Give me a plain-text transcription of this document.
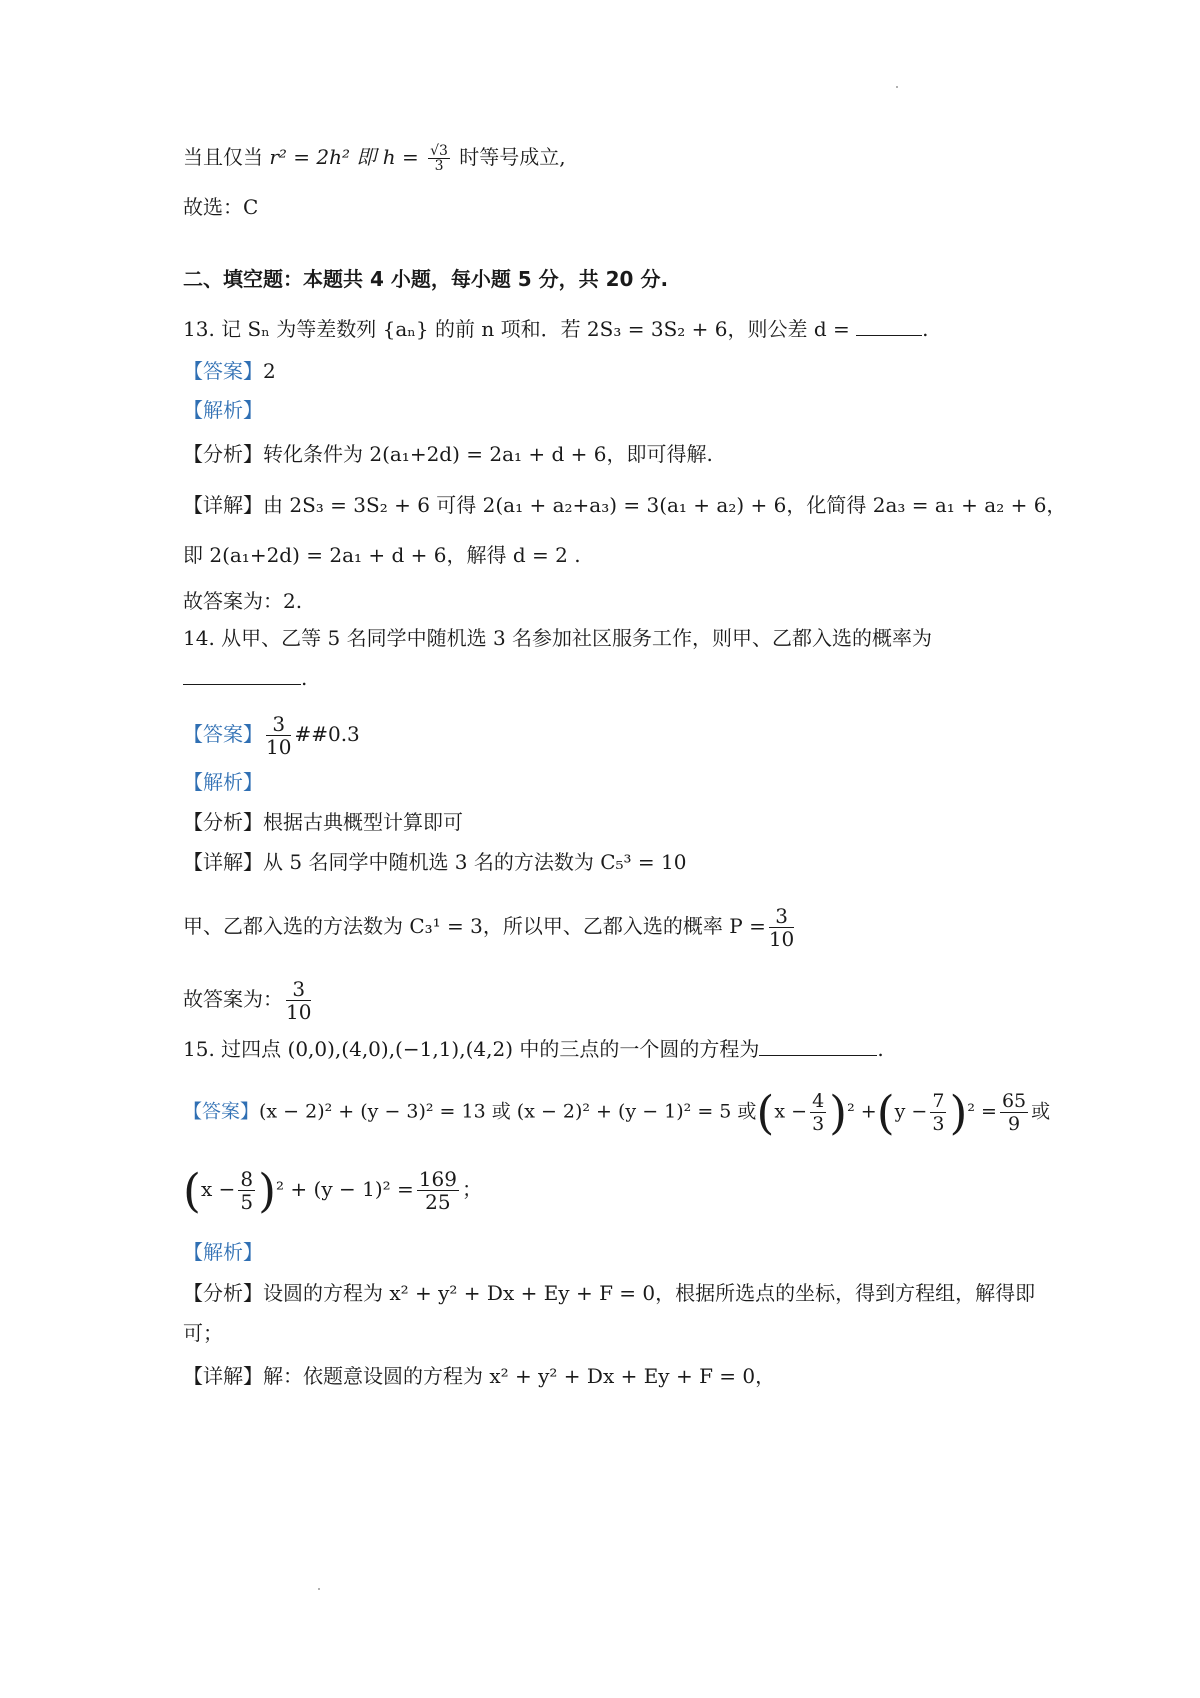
当且仅当 r² = 2h² 即 $h = \frac{√3}{3}$ 时等号成立,
故选：C
二、填空题：本题共 4 小题，每小题 5 分，共 20 分.
13. 记 Sₙ 为等差数列 {aₙ} 的前 n 项和．若 2S₃ = 3S₂ + 6，则公差 d =	.
【答案】2
【解析】
【分析】转化条件为 2(a₁+2d) = 2a₁ + d + 6，即可得解.
【详解】由 2S₃ = 3S₂ + 6 可得 2(a₁ + a₂+a₃) = 3(a₁ + a₂) + 6，化简得 2a₃ = a₁ + a₂ + 6，
即 2(a₁+2d) = 2a₁ + d + 6，解得 d = 2 .
故答案为：2.
14. 从甲、乙等 5 名同学中随机选 3 名参加社区服务工作，则甲、乙都入选的概率为
.
【答案】 $\frac{3}{10}$ ##0.3
【解析】
【分析】根据古典概型计算即可
【详解】从 5 名同学中随机选 3 名的方法数为 C₅³ = 10
甲、乙都入选的方法数为 C₃¹ = 3，所以甲、乙都入选的概率 $P = \frac{3}{10}$
故答案为： $\frac{3}{10}$
15. 过四点 (0,0),(4,0),(−1,1),(4,2) 中的三点的一个圆的方程为	.
【答案】(x − 2)² + (y − 3)² = 13 或 (x − 2)² + (y − 1)² = 5 或$(x - \frac{4}{3} )^2 +(y - \frac{7}{3} )^2 = \frac{65}{9}$ 或
$(x - \frac{8}{5} )^2 + (y - 1)^2 = \frac{169}{25}$ ；
【解析】
【分析】设圆的方程为 x² + y² + Dx + Ey + F = 0，根据所选点的坐标，得到方程组，解得即
可；
【详解】解：依题意设圆的方程为 x² + y² + Dx + Ey + F = 0，
